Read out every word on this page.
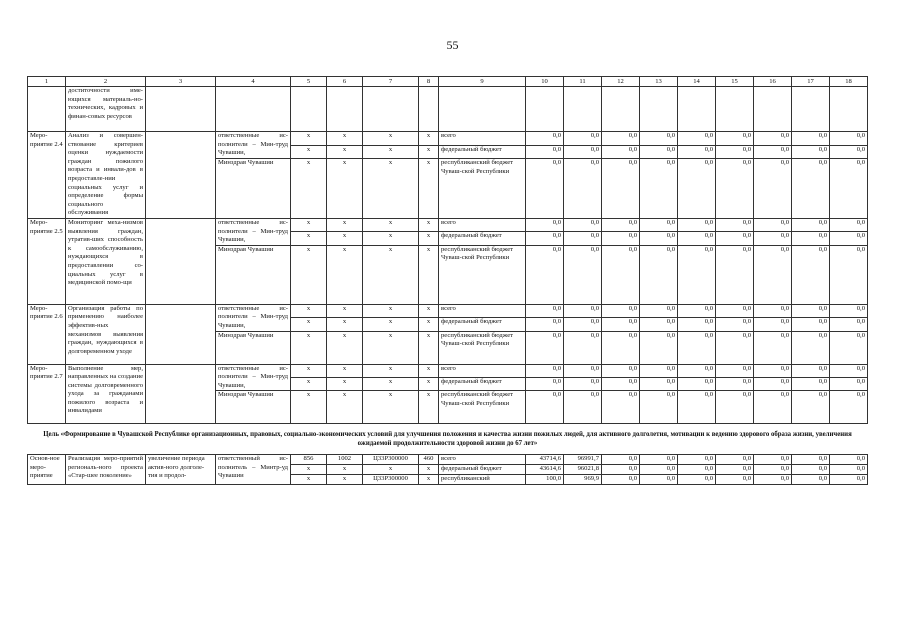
55
1	2	3	4	5	6	7	8	9	10	11	12	13	14	15	16	17	18
	доститочности име-ющихся материаль-но-технических, кадровых и финан-совых ресурсов																
Меро-приятие 2.4	Анализ и совершен-ствование критериев оценки нуждаемости граждан пожилого возраста и инвали-дов в предоставле-нии социальных услуг и определение формы социального обслуживания		ответственные ис-полнители – Мин-труд Чувашии,	x	x	x	x	всего	0,0	0,0	0,0	0,0	0,0	0,0	0,0	0,0	0,0
				x	x	x	x	федеральный бюджет	0,0	0,0	0,0	0,0	0,0	0,0	0,0	0,0	0,0
			Минздрав Чувашии	x	x	x	x	республиканский бюджет Чуваш-ской Республики	0,0	0,0	0,0	0,0	0,0	0,0	0,0	0,0	0,0
Меро-приятие 2.5	Мониторинг меха-низмов выявления граждан, утратив-ших способность к самообслуживанию, нуждающихся в предоставлении со-циальных услуг в медицинской помо-щи		ответственные ис-полнители – Мин-труд Чувашии,	x	x	x	x	всего	0,0	0,0	0,0	0,0	0,0	0,0	0,0	0,0	0,0
				x	x	x	x	федеральный бюджет	0,0	0,0	0,0	0,0	0,0	0,0	0,0	0,0	0,0
			Минздрав Чувашии	x	x	x	x	республиканский бюджет Чуваш-ской Республики	0,0	0,0	0,0	0,0	0,0	0,0	0,0	0,0	0,0
Меро-приятие 2.6	Организация работы по применению наиболее эффектив-ных механизмов выявления граждан, нуждающихся в долговременном уходе		ответственные ис-полнители – Мин-труд Чувашии,	x	x	x	x	всего	0,0	0,0	0,0	0,0	0,0	0,0	0,0	0,0	0,0
				x	x	x	x	федеральный бюджет	0,0	0,0	0,0	0,0	0,0	0,0	0,0	0,0	0,0
			Минздрав Чувашии	x	x	x	x	республиканский бюджет Чуваш-ской Республики	0,0	0,0	0,0	0,0	0,0	0,0	0,0	0,0	0,0
Меро-приятие 2.7	Выполнение мер, направленных на создание системы долговременного ухода за гражданами пожилого возраста и инвалидами		ответственные ис-полнители – Мин-труд Чувашии,	x	x	x	x	всего	0,0	0,0	0,0	0,0	0,0	0,0	0,0	0,0	0,0
				x	x	x	x	федеральный бюджет	0,0	0,0	0,0	0,0	0,0	0,0	0,0	0,0	0,0
			Минздрав Чувашии	x	x	x	x	республиканский бюджет Чуваш-ской Республики	0,0	0,0	0,0	0,0	0,0	0,0	0,0	0,0	0,0
Цель «Формирование в Чувашской Республике организационных, правовых, социально-экономических условий для улучшения положения и качества жизни пожилых людей, для активного долголетия, мотивации к ведению здорового образа жизни, увеличения ожидаемой продолжительности здоровой жизни до 67 лет»																	
Основ-ное меро-приятие	Реализация меро-приятий региональ-ного проекта «Стар-шее поколение»	увеличение периода актив-ного долголе-тия и продол-	ответственный ис-полнитель – Минтр-уд Чувашии	856	1002	Ц33Р300000	460	всего	43714,6	96991,7	0,0	0,0	0,0	0,0	0,0	0,0	0,0
				x	x	x	x	федеральный бюджет	43614,6	96021,8	0,0	0,0	0,0	0,0	0,0	0,0	0,0
				x	x	Ц33Р300000	x	республиканский	100,0	969,9	0,0	0,0	0,0	0,0	0,0	0,0	0,0
